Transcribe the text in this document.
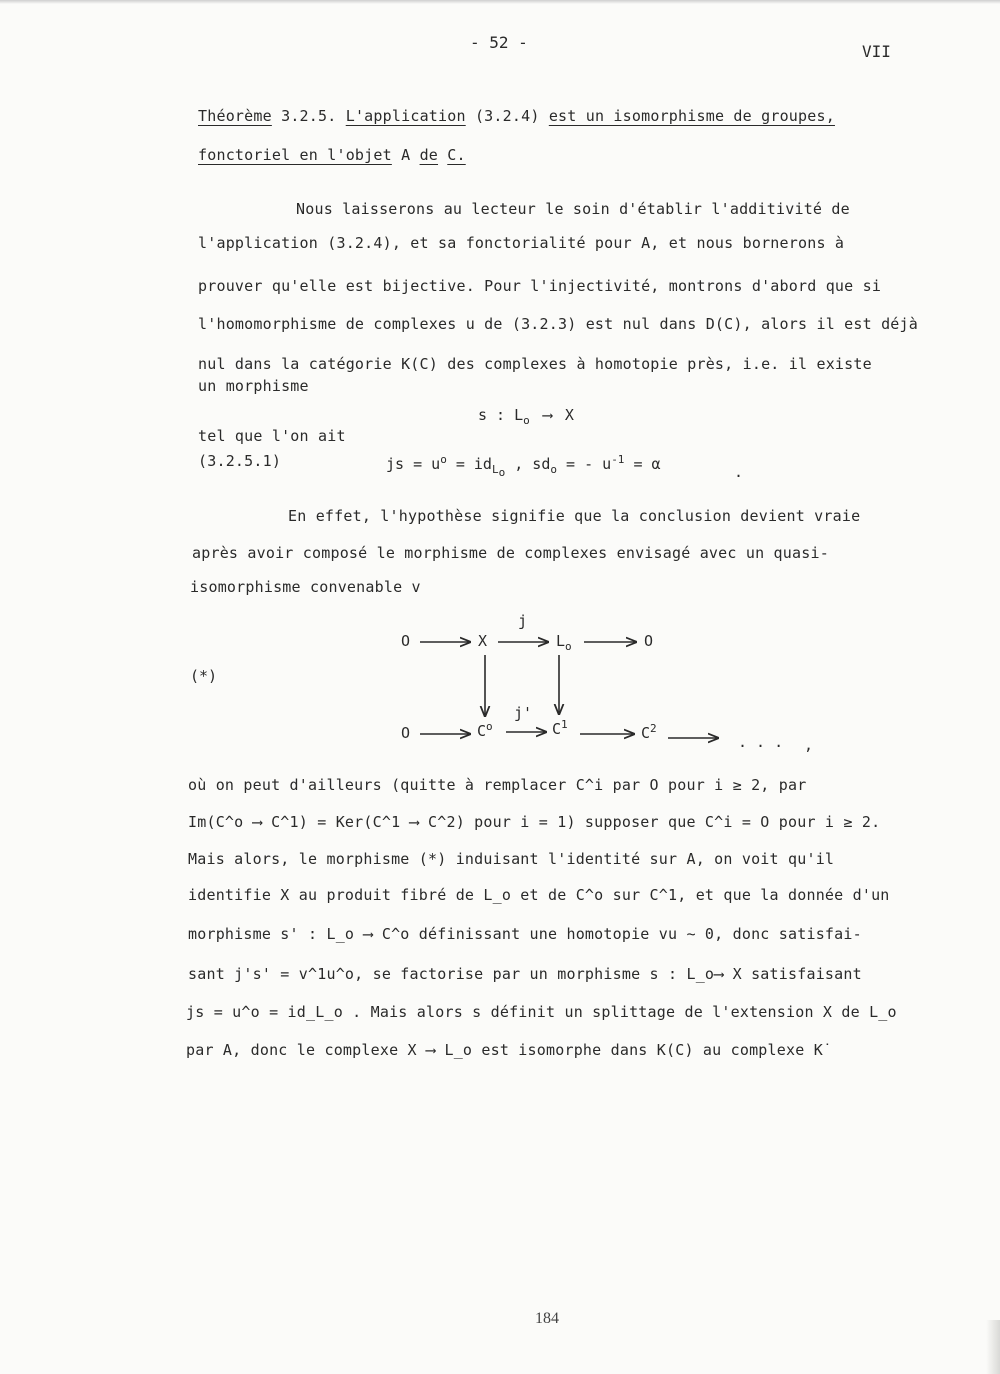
- 52 -	VII
Théorème 3.2.5. L'application (3.2.4) est un isomorphisme de groupes,
fonctoriel en l'objet A de C.
Nous laisserons au lecteur le soin d'établir l'additivité de
l'application (3.2.4), et sa fonctorialité pour A, et nous bornerons à
prouver qu'elle est bijective. Pour l'injectivité, montrons d'abord que si
l'homomorphisme de complexes u de (3.2.3) est nul dans D(C), alors il est déjà
nul dans la catégorie K(C) des complexes à homotopie près, i.e. il existe
un morphisme
s : $L_o$ ⟶ X
tel que l'on ait
(3.2.5.1)	js = $u^o = id_{L_o}$ , $sd_o$ = - $u^{-1} = \alpha$	.
En effet, l'hypothèse signifie que la conclusion devient vraie
après avoir composé le morphisme de complexes envisagé avec un quasi-
isomorphisme convenable v
(*)
O	X
j
$L_o$	O
O	$C^o$
j'
$C^1$	$C^2$
. . . ,
où on peut d'ailleurs (quitte à remplacer C^i par O pour i ≥ 2, par
Im(C^o ⟶ C^1) = Ker(C^1 ⟶ C^2) pour i = 1) supposer que C^i = O pour i ≥ 2.
Mais alors, le morphisme (*) induisant l'identité sur A, on voit qu'il
identifie X au produit fibré de L_o et de C^o sur C^1, et que la donnée d'un
morphisme s' : L_o ⟶ C^o définissant une homotopie vu ∼ 0, donc satisfai-
sant j's' = v^1u^o, se factorise par un morphisme s : L_o⟶ X satisfaisant
js = u^o = id_L_o . Mais alors s définit un splittage de l'extension X de L_o
par A, donc le complexe X ⟶ L_o est isomorphe dans K(C) au complexe K˙
184
